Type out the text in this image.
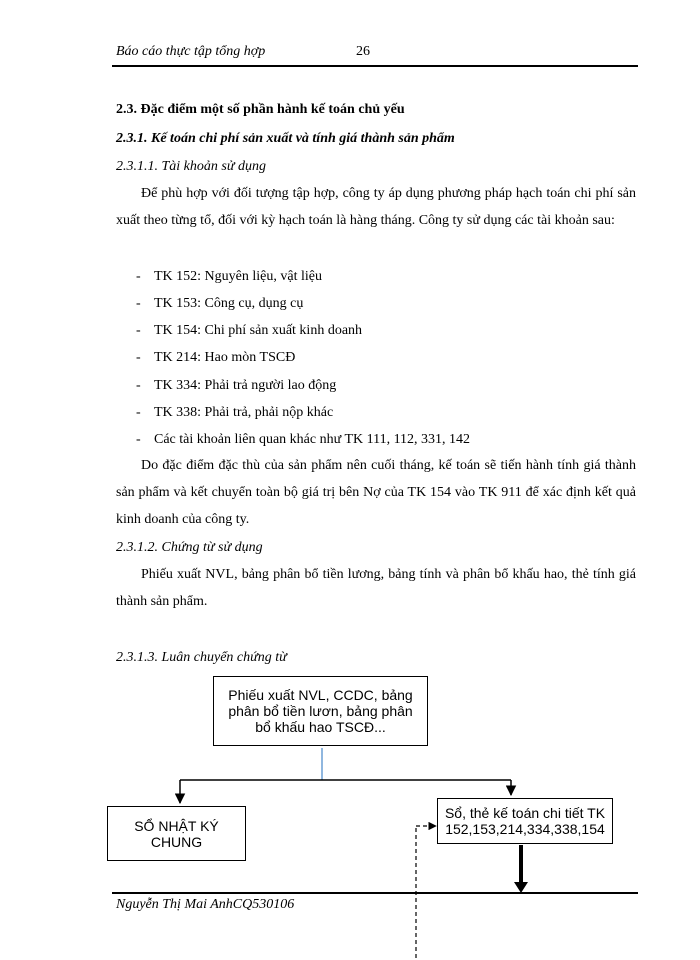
Báo cáo thực tập tổng hợp	26
2.3. Đặc điểm một số phần hành kế toán chủ yếu
2.3.1. Kế toán chi phí sản xuất và tính giá thành sản phẩm
2.3.1.1. Tài khoản sử dụng
Để phù hợp với đối tượng tập hợp, công ty áp dụng phương pháp hạch toán chi phí sản xuất theo từng tổ, đối với kỳ hạch toán là hàng tháng. Công ty sử dụng các tài khoản sau:
- TK 152: Nguyên liệu, vật liệu
- TK 153: Công cụ, dụng cụ
- TK 154: Chi phí sản xuất kinh doanh
- TK 214: Hao mòn TSCĐ
- TK 334: Phải trả người lao động
- TK 338: Phải trả, phải nộp khác
- Các tài khoản liên quan khác như TK 111, 112, 331, 142
Do đặc điểm đặc thù của sản phẩm nên cuối tháng, kế toán sẽ tiến hành tính giá thành sản phẩm và kết chuyển toàn bộ giá trị bên Nợ của TK 154 vào TK 911 để xác định kết quả kinh doanh của công ty.
2.3.1.2. Chứng từ sử dụng
Phiếu xuất NVL, bảng phân bổ tiền lương, bảng tính và phân bổ khấu hao, thẻ tính giá thành sản phẩm.
2.3.1.3. Luân chuyển chứng từ
Phiếu xuất NVL, CCDC, bảng phân bổ tiền lươn, bảng phân bổ khấu hao TSCĐ...
SỔ NHẬT KÝ CHUNG
Sổ, thẻ kế toán chi tiết TK 152,153,214,334,338,154
Nguyễn Thị Mai AnhCQ530106
